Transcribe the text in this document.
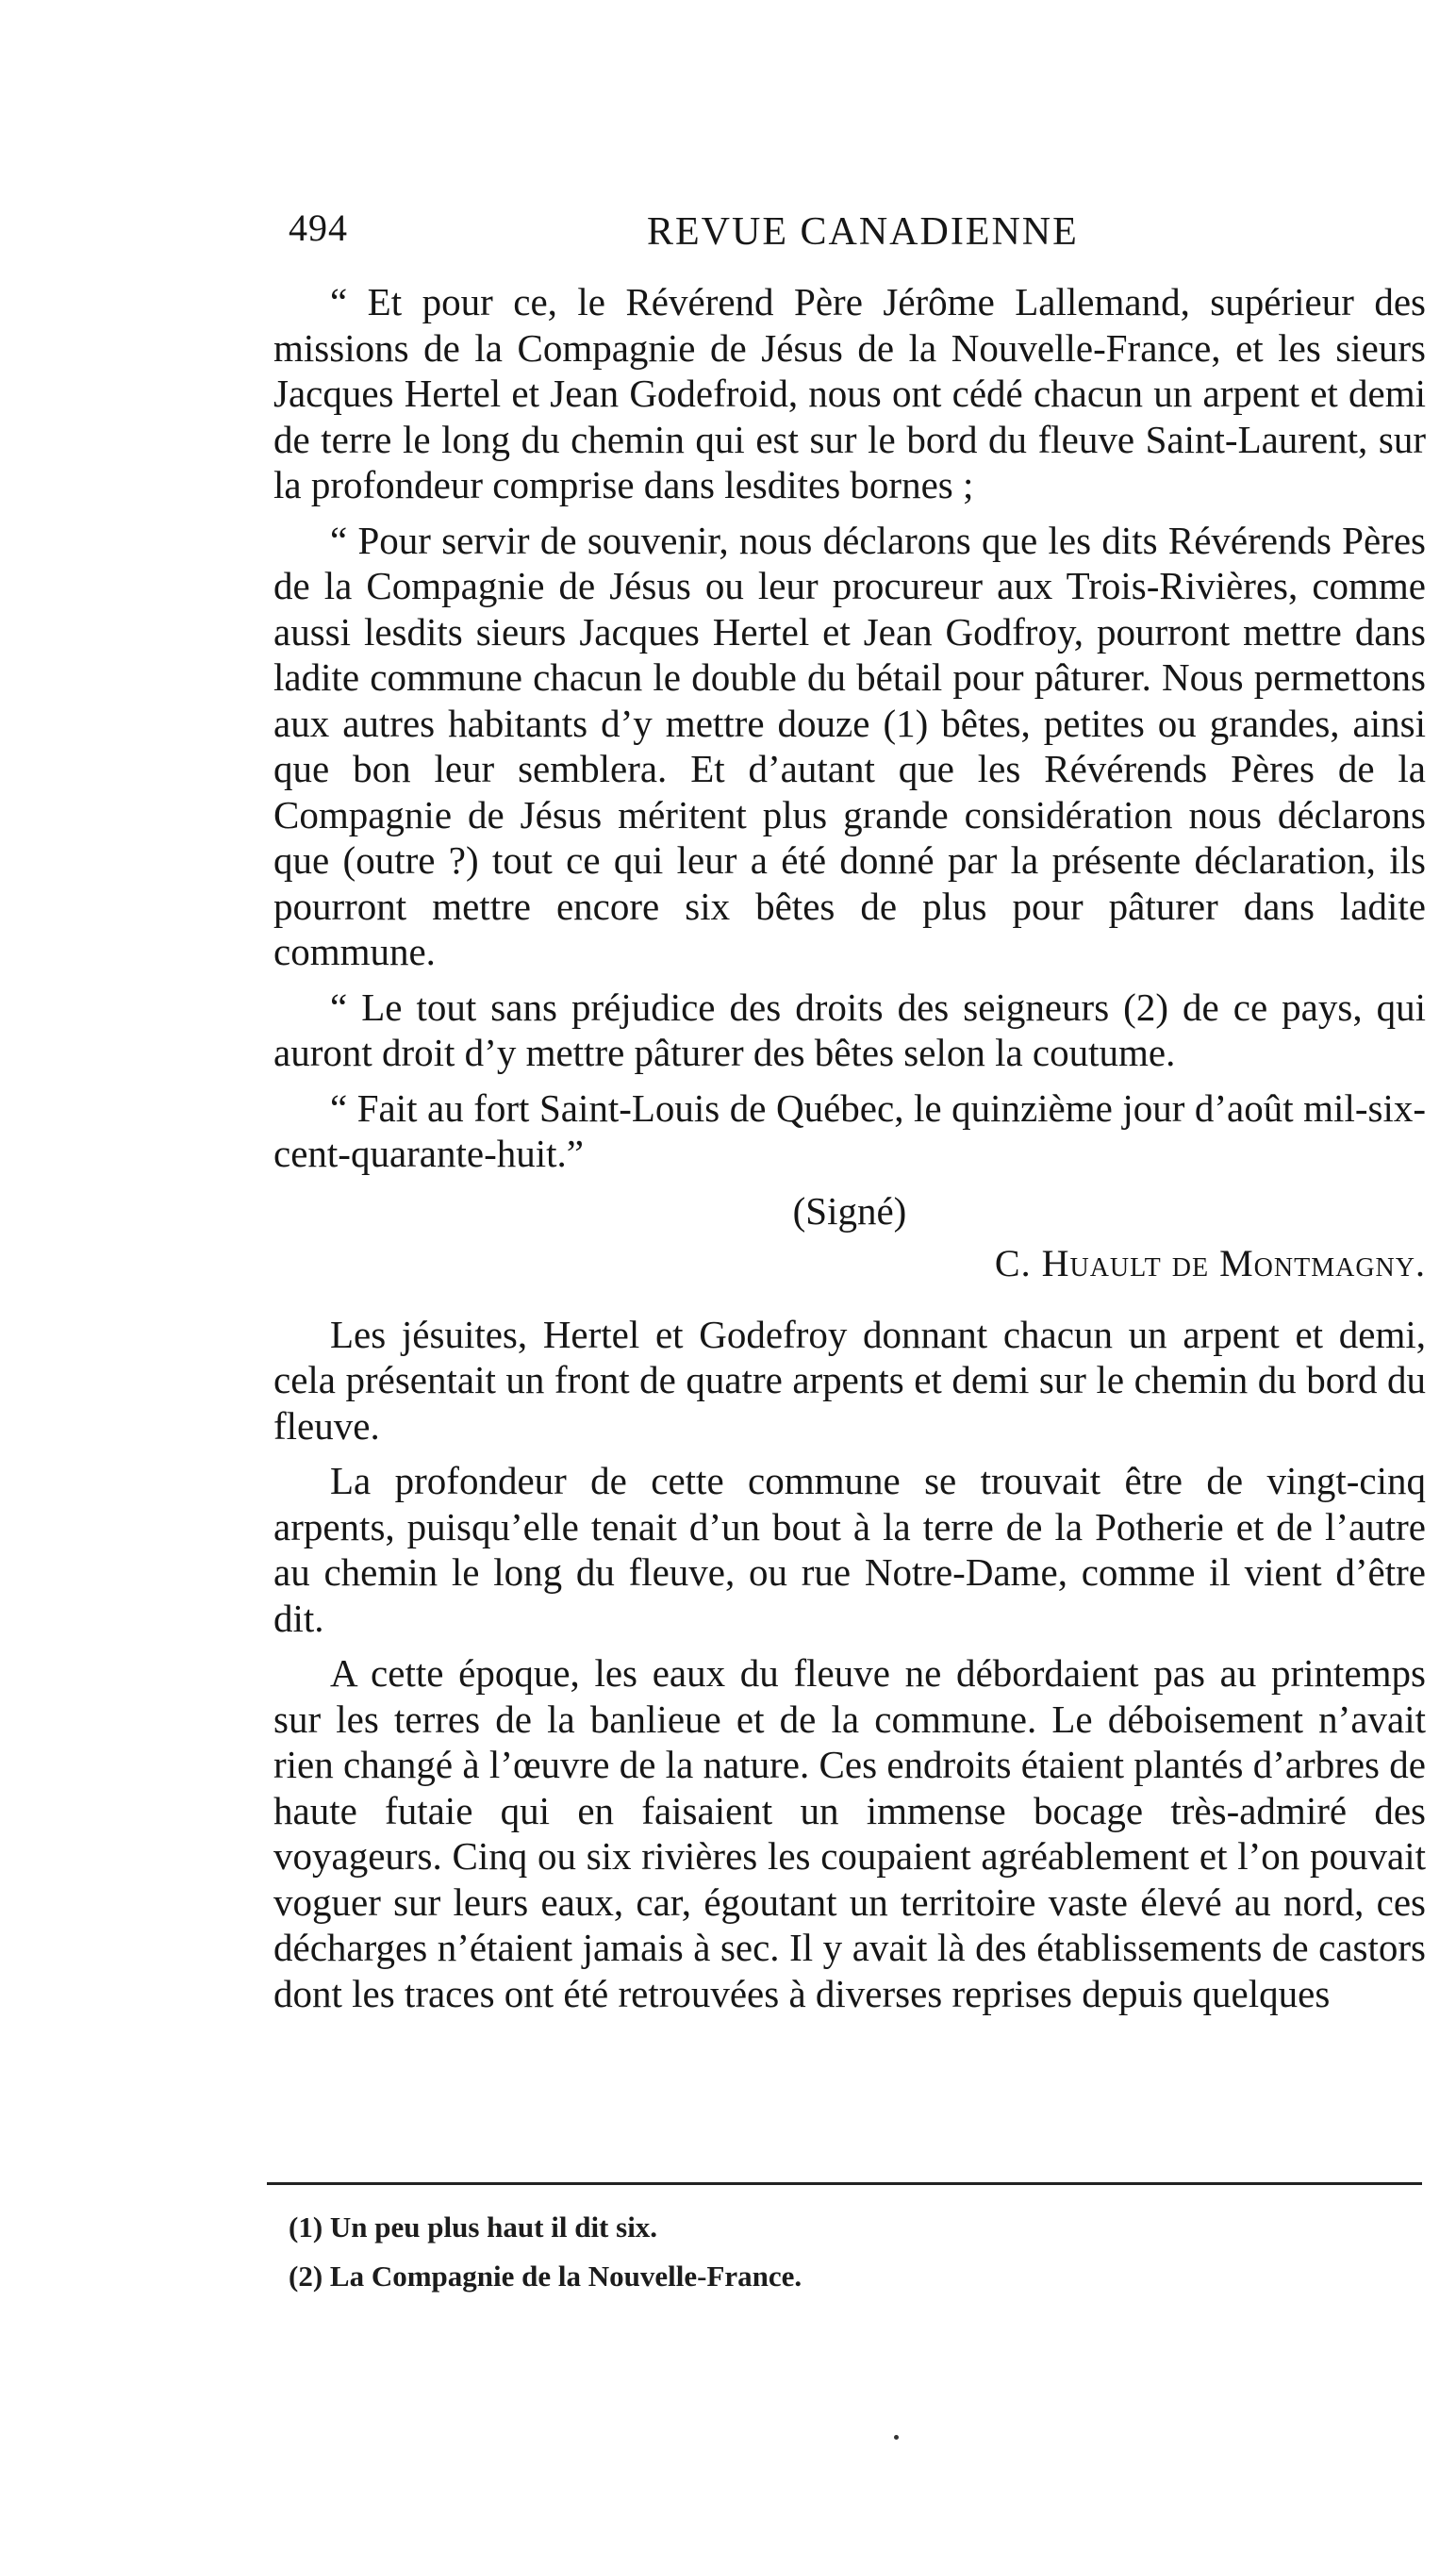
494	REVUE CANADIENNE

“ Et pour ce, le Révérend Père Jérôme Lallemand, supérieur des missions de la Compagnie de Jésus de la Nouvelle-France, et les sieurs Jacques Hertel et Jean Godefroid, nous ont cédé chacun un arpent et demi de terre le long du chemin qui est sur le bord du fleuve Saint-Laurent, sur la profondeur comprise dans lesdites bornes ;

“ Pour servir de souvenir, nous déclarons que les dits Révérends Pères de la Compagnie de Jésus ou leur procureur aux Trois-Rivières, comme aussi lesdits sieurs Jacques Hertel et Jean Godfroy, pourront mettre dans ladite commune chacun le double du bétail pour pâturer. Nous permettons aux autres habitants d’y mettre douze (1) bêtes, petites ou grandes, ainsi que bon leur semblera. Et d’autant que les Révérends Pères de la Compagnie de Jésus méritent plus grande considération nous déclarons que (outre ?) tout ce qui leur a été donné par la présente déclaration, ils pourront mettre encore six bêtes de plus pour pâturer dans ladite commune.

“ Le tout sans préjudice des droits des seigneurs (2) de ce pays, qui auront droit d’y mettre pâturer des bêtes selon la coutume.

“ Fait au fort Saint-Louis de Québec, le quinzième jour d’août mil-six-cent-quarante-huit.”

(Signé)

C. Huault de Montmagny.

Les jésuites, Hertel et Godefroy donnant chacun un arpent et demi, cela présentait un front de quatre arpents et demi sur le chemin du bord du fleuve.

La profondeur de cette commune se trouvait être de vingt-cinq arpents, puisqu’elle tenait d’un bout à la terre de la Potherie et de l’autre au chemin le long du fleuve, ou rue Notre-Dame, comme il vient d’être dit.

A cette époque, les eaux du fleuve ne débordaient pas au printemps sur les terres de la banlieue et de la commune. Le déboisement n’avait rien changé à l’œuvre de la nature. Ces endroits étaient plantés d’arbres de haute futaie qui en faisaient un immense bocage très-admiré des voyageurs. Cinq ou six rivières les coupaient agréablement et l’on pouvait voguer sur leurs eaux, car, égoutant un territoire vaste élevé au nord, ces décharges n’étaient jamais à sec. Il y avait là des établissements de castors dont les traces ont été retrouvées à diverses reprises depuis quelques

(1) Un peu plus haut il dit six.
(2) La Compagnie de la Nouvelle-France.
